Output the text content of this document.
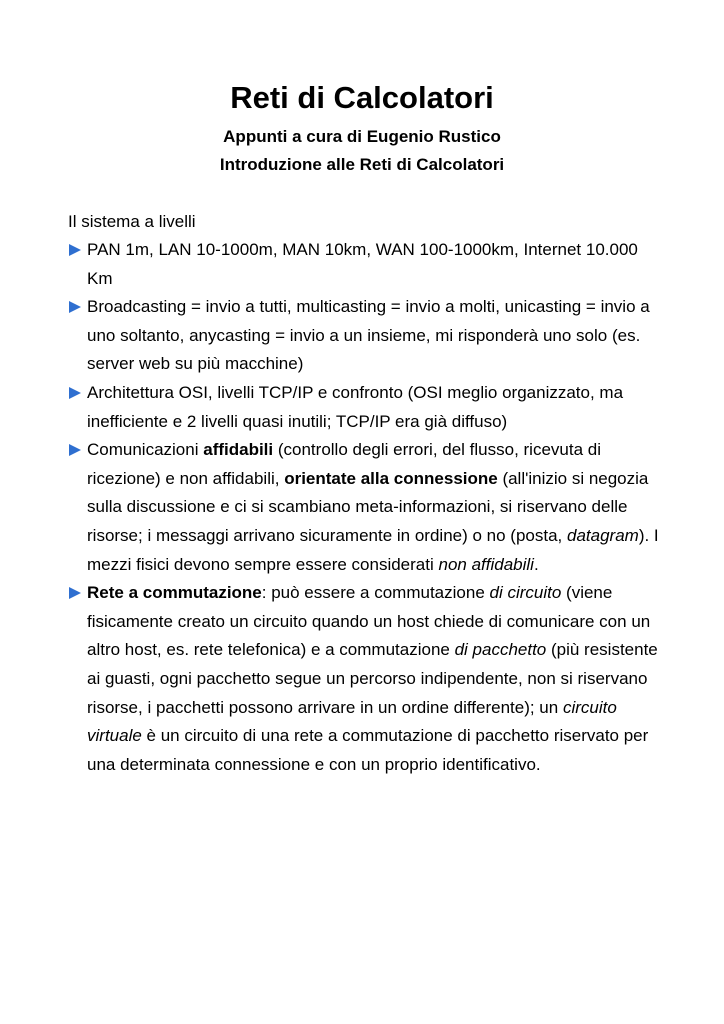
Reti di Calcolatori

Appunti a cura di Eugenio Rustico

Introduzione alle Reti di Calcolatori

Il sistema a livelli

PAN 1m, LAN 10-1000m, MAN 10km, WAN 100-1000km, Internet 10.000 Km
Broadcasting = invio a tutti, multicasting = invio a molti, unicasting = invio a uno soltanto, anycasting = invio a un insieme, mi risponderà uno solo (es. server web su più macchine)
Architettura OSI, livelli TCP/IP e confronto (OSI meglio organizzato, ma inefficiente e 2 livelli quasi inutili; TCP/IP era già diffuso)
Comunicazioni affidabili (controllo degli errori, del flusso, ricevuta di ricezione) e non affidabili, orientate alla connessione (all'inizio si negozia sulla discussione e ci si scambiano meta-informazioni, si riservano delle risorse; i messaggi arrivano sicuramente in ordine) o no (posta, datagram). I mezzi fisici devono sempre essere considerati non affidabili.
Rete a commutazione: può essere a commutazione di circuito (viene fisicamente creato un circuito quando un host chiede di comunicare con un altro host, es. rete telefonica) e a commutazione di pacchetto (più resistente ai guasti, ogni pacchetto segue un percorso indipendente, non si riservano risorse, i pacchetti possono arrivare in un ordine differente); un circuito virtuale è un circuito di una rete a commutazione di pacchetto riservato per una determinata connessione e con un proprio identificativo.
